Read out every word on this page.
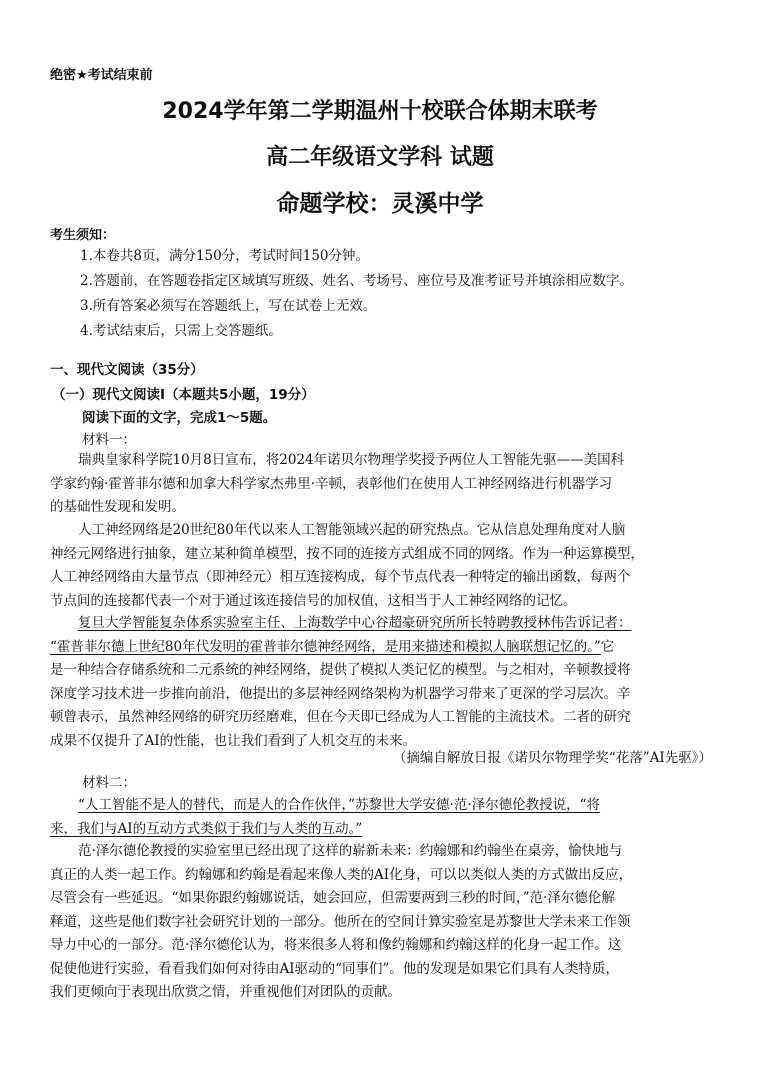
绝密★考试结束前
2024学年第二学期温州十校联合体期末联考
高二年级语文学科 试题
命题学校：灵溪中学
考生须知：
1.本卷共8页，满分150分，考试时间150分钟。
2.答题前，在答题卷指定区域填写班级、姓名、考场号、座位号及准考证号并填涂相应数字。
3.所有答案必须写在答题纸上，写在试卷上无效。
4.考试结束后，只需上交答题纸。
一、现代文阅读（35分）
（一）现代文阅读Ⅰ（本题共5小题，19分）
阅读下面的文字，完成1～5题。
材料一：
瑞典皇家科学院10月8日宣布，将2024年诺贝尔物理学奖授予两位人工智能先驱——美国科
学家约翰·霍普菲尔德和加拿大科学家杰弗里·辛顿，表彰他们在使用人工神经网络进行机器学习
的基础性发现和发明。
人工神经网络是20世纪80年代以来人工智能领域兴起的研究热点。它从信息处理角度对人脑
神经元网络进行抽象，建立某种简单模型，按不同的连接方式组成不同的网络。作为一种运算模型，
人工神经网络由大量节点（即神经元）相互连接构成，每个节点代表一种特定的输出函数，每两个
节点间的连接都代表一个对于通过该连接信号的加权值，这相当于人工神经网络的记忆。
复旦大学智能复杂体系实验室主任、上海数学中心谷超豪研究所所长特聘教授林伟告诉记者：
“霍普菲尔德上世纪80年代发明的霍普菲尔德神经网络，是用来描述和模拟人脑联想记忆的。”它
是一种结合存储系统和二元系统的神经网络，提供了模拟人类记忆的模型。与之相对，辛顿教授将
深度学习技术进一步推向前沿，他提出的多层神经网络架构为机器学习带来了更深的学习层次。辛
顿曾表示，虽然神经网络的研究历经磨难，但在今天即已经成为人工智能的主流技术。二者的研究
成果不仅提升了AI的性能，也让我们看到了人机交互的未来。
（摘编自解放日报《诺贝尔物理学奖“花落”AI先驱》）
材料二：
“人工智能不是人的替代，而是人的合作伙伴，”苏黎世大学安德·范·泽尔德伦教授说，“将
来，我们与AI的互动方式类似于我们与人类的互动。”
范·泽尔德伦教授的实验室里已经出现了这样的崭新未来：约翰娜和约翰坐在桌旁，愉快地与
真正的人类一起工作。约翰娜和约翰是看起来像人类的AI化身，可以以类似人类的方式做出反应，
尽管会有一些延迟。“如果你跟约翰娜说话，她会回应，但需要两到三秒的时间，”范·泽尔德伦解
释道，这些是他们数字社会研究计划的一部分。他所在的空间计算实验室是苏黎世大学未来工作领
导力中心的一部分。范·泽尔德伦认为，将来很多人将和像约翰娜和约翰这样的化身一起工作。这
促使他进行实验，看看我们如何对待由AI驱动的“同事们”。他的发现是如果它们具有人类特质，
我们更倾向于表现出欣赏之情，并重视他们对团队的贡献。
